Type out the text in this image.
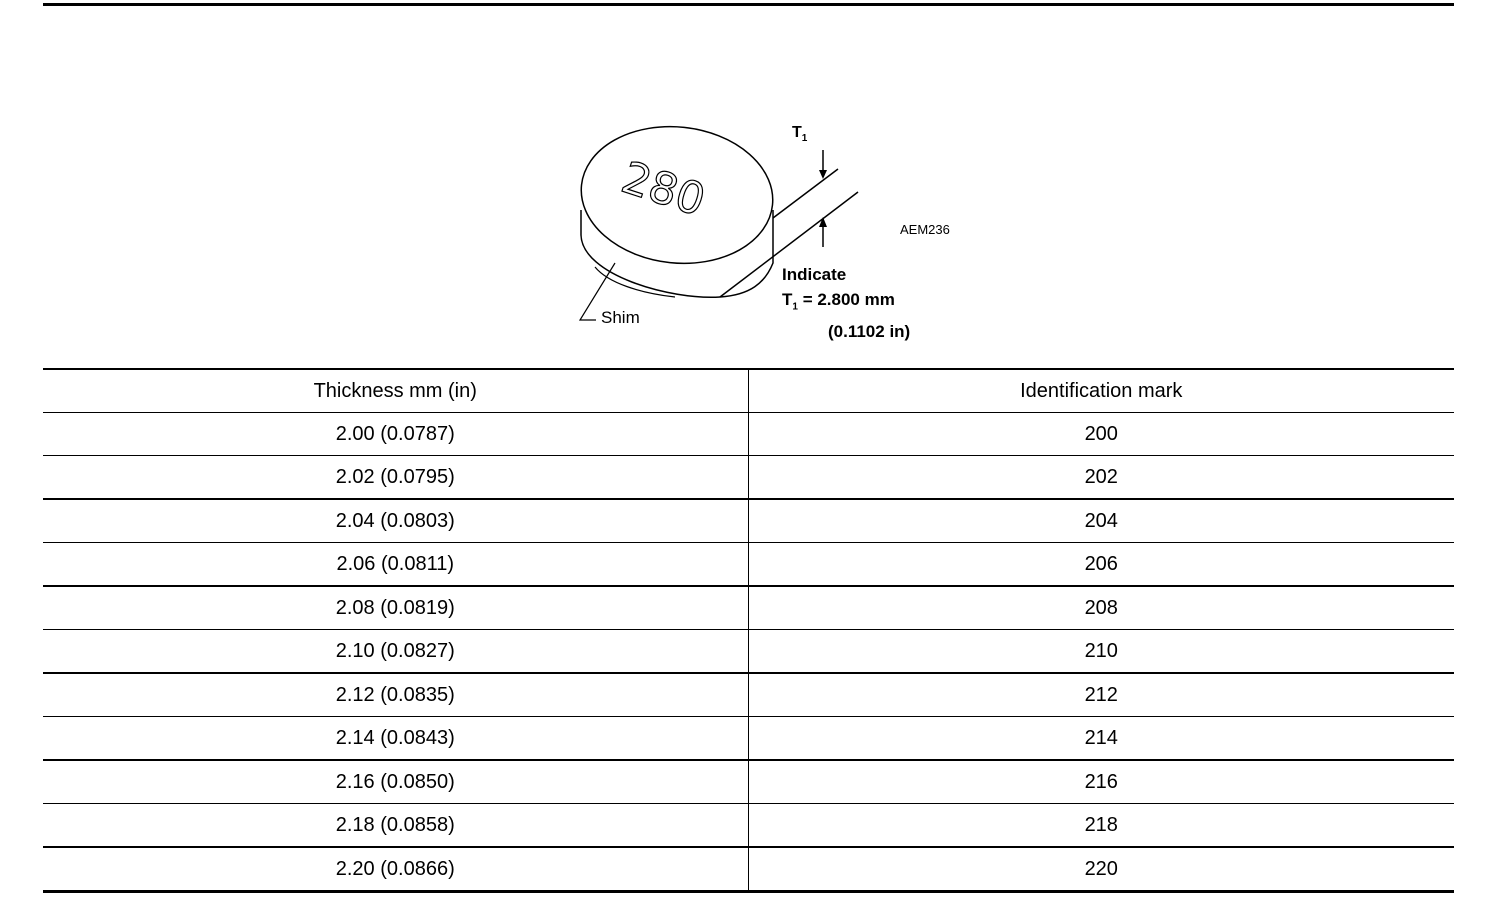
280
$T_1$
AEM236
Indicate
$T_1 = 2.800$ mm
(0.1102 in)
Shim
Thickness mm (in)	Identification mark
2.00 (0.0787)	200
2.02 (0.0795)	202
2.04 (0.0803)	204
2.06 (0.0811)	206
2.08 (0.0819)	208
2.10 (0.0827)	210
2.12 (0.0835)	212
2.14 (0.0843)	214
2.16 (0.0850)	216
2.18 (0.0858)	218
2.20 (0.0866)	220
